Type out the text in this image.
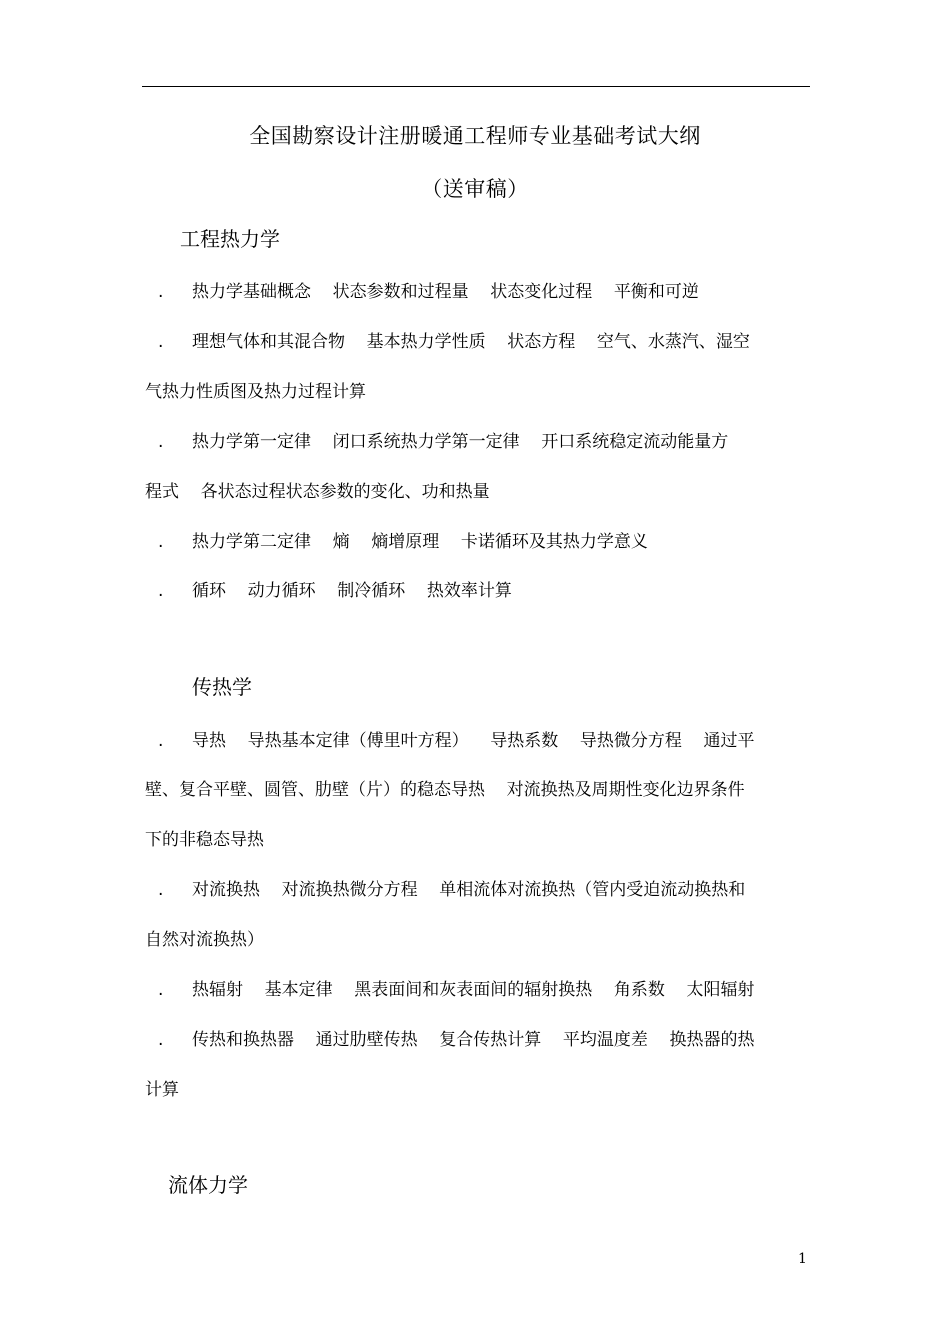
全国勘察设计注册暖通工程师专业基础考试大纲
（送审稿）
工程热力学
. 热力学基础概念    状态参数和过程量    状态变化过程    平衡和可逆
. 理想气体和其混合物    基本热力学性质    状态方程    空气、水蒸汽、湿空
气热力性质图及热力过程计算
. 热力学第一定律    闭口系统热力学第一定律    开口系统稳定流动能量方
程式    各状态过程状态参数的变化、功和热量
. 热力学第二定律    熵    熵增原理    卡诺循环及其热力学意义
. 循环    动力循环    制冷循环    热效率计算
传热学
. 导热    导热基本定律（傅里叶方程）    导热系数    导热微分方程    通过平
壁、复合平壁、圆管、肋壁（片）的稳态导热    对流换热及周期性变化边界条件
下的非稳态导热
. 对流换热    对流换热微分方程    单相流体对流换热（管内受迫流动换热和
自然对流换热）
. 热辐射    基本定律    黑表面间和灰表面间的辐射换热    角系数    太阳辐射
. 传热和换热器    通过肋壁传热    复合传热计算    平均温度差    换热器的热
计算
流体力学
1
